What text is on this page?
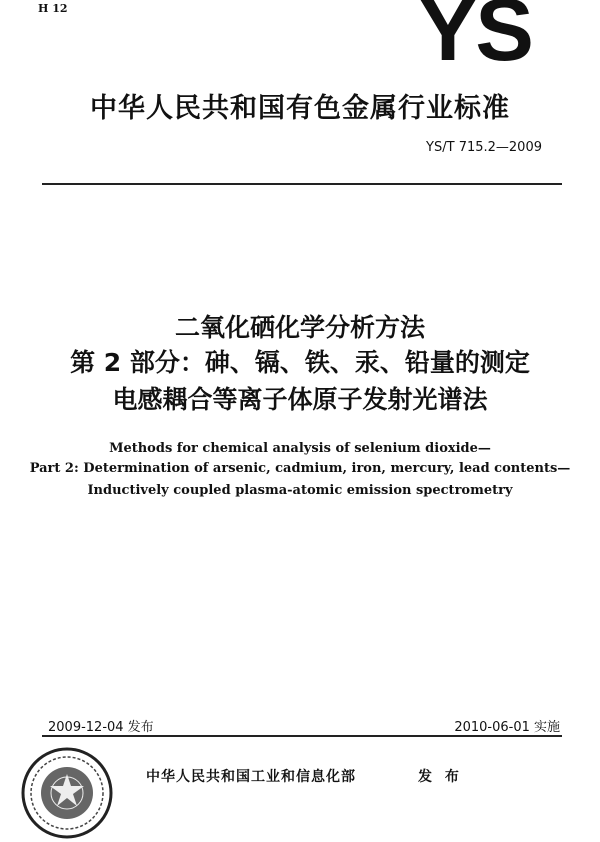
H 12	YS
中华人民共和国有色金属行业标准
YS/T 715.2—2009
二氧化硒化学分析方法
第 2 部分：砷、镉、铁、汞、铅量的测定
电感耦合等离子体原子发射光谱法
Methods for chemical analysis of selenium dioxide—
Part 2: Determination of arsenic, cadmium, iron, mercury, lead contents—
Inductively coupled plasma-atomic emission spectrometry
2009-12-04 发布	2010-06-01 实施
中华人民共和国工业和信息化部	发 布
